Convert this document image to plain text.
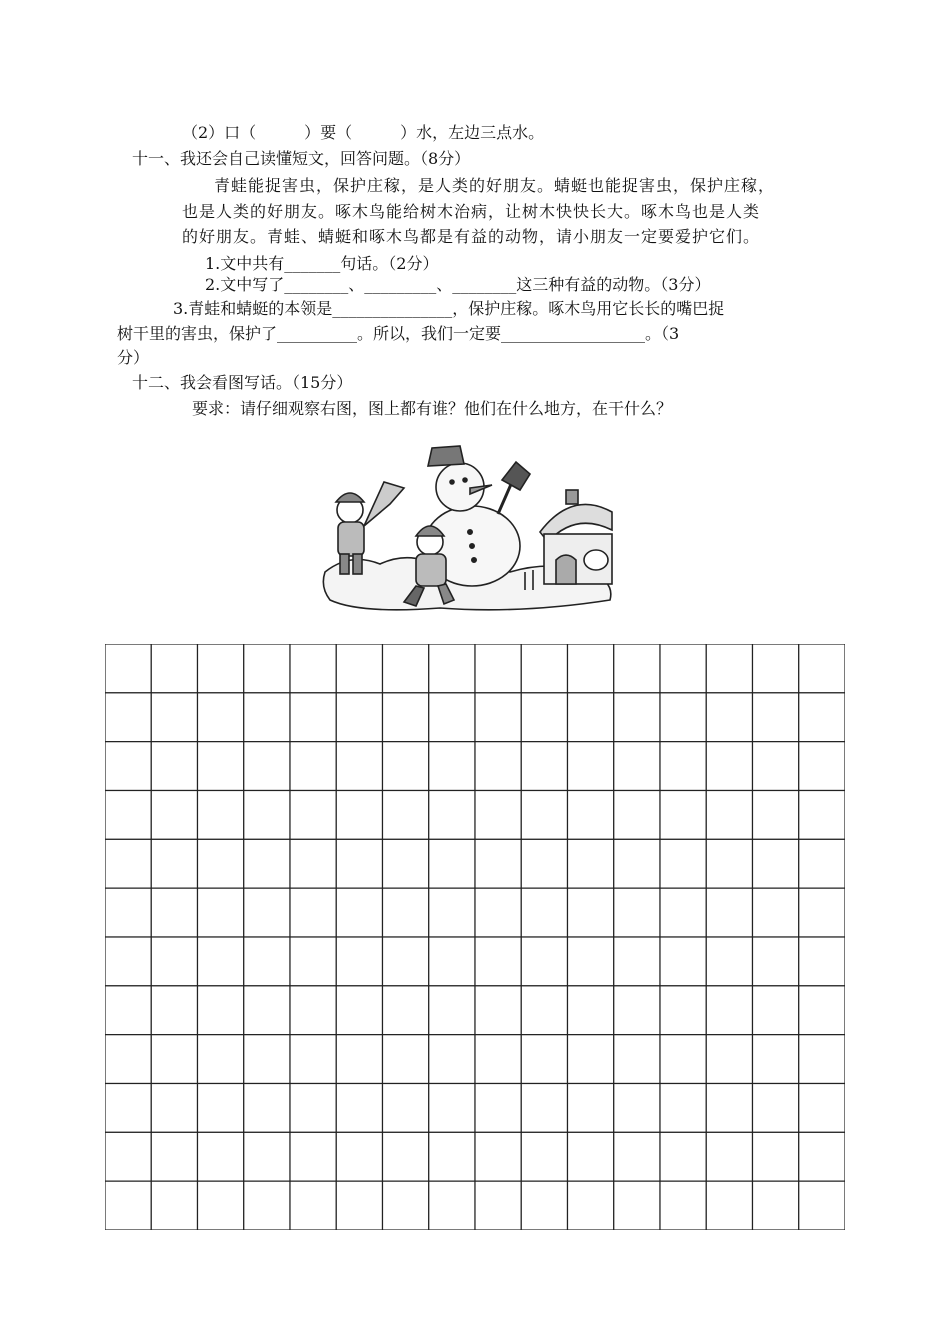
（2）口（　　　）要（　　　）水，左边三点水。
十一、我还会自己读懂短文，回答问题。（8分）
青蛙能捉害虫，保护庄稼，是人类的好朋友。蜻蜓也能捉害虫，保护庄稼，
也是人类的好朋友。啄木鸟能给树木治病，让树木快快长大。啄木鸟也是人类
的好朋友。青蛙、蜻蜓和啄木鸟都是有益的动物，请小朋友一定要爱护它们。
1.文中共有_______句话。（2分）
2.文中写了________、_________、________这三种有益的动物。（3分）
3.青蛙和蜻蜓的本领是_______________，保护庄稼。啄木鸟用它长长的嘴巴捉
树干里的害虫，保护了__________。所以，我们一定要__________________。（3
分）
十二、我会看图写话。（15分）
要求：请仔细观察右图，图上都有谁？他们在什么地方，在干什么？
